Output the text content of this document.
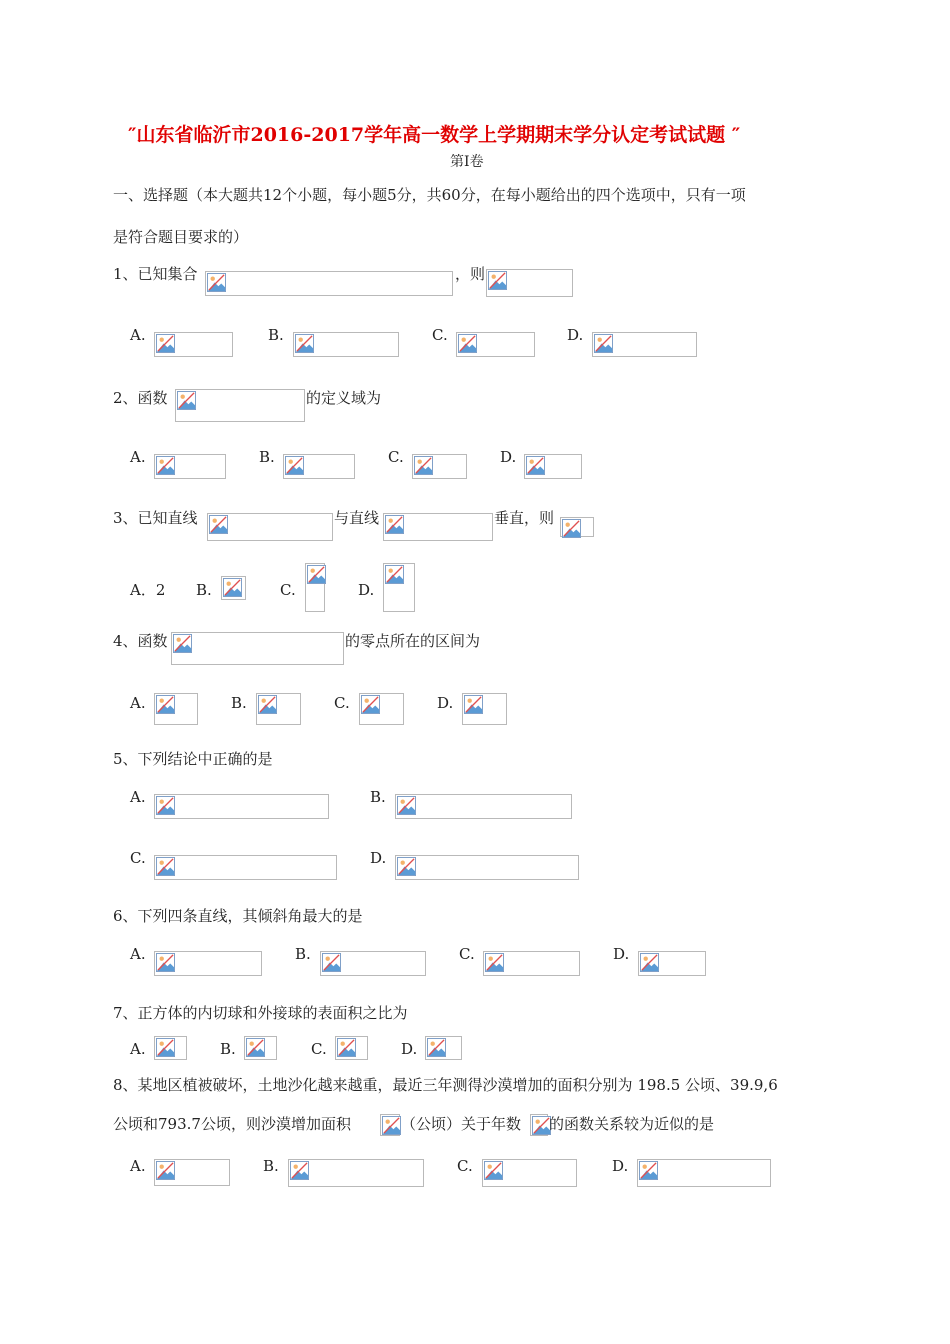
″山东省临沂市2016-2017学年高一数学上学期期末学分认定考试试题 ″
第Ⅰ卷
一、选择题（本大题共12个小题，每小题5分，共60分，在每小题给出的四个选项中，只有一项
是符合题目要求的）
1、已知集合	，则
A.	B.	C.	D.
2、函数	的定义域为
A.	B.	C.	D.
3、已知直线	与直线	垂直，则
A．2 B.	C.	D.
4、函数	的零点所在的区间为
A.	B.	C.	D.
5、下列结论中正确的是
A.	B.
C.	D.
6、下列四条直线，其倾斜角最大的是
A.	B.	C.	D.
7、正方体的内切球和外接球的表面积之比为
A.	B.	C.	D.
8、某地区植被破坏，土地沙化越来越重，最近三年测得沙漠增加的面积分别为 198.5 公顷、39.9,6
公顷和793.7公顷，则沙漠增加面积	（公顷）关于年数 的函数关系较为近似的是
A.	B.	C.	D.
